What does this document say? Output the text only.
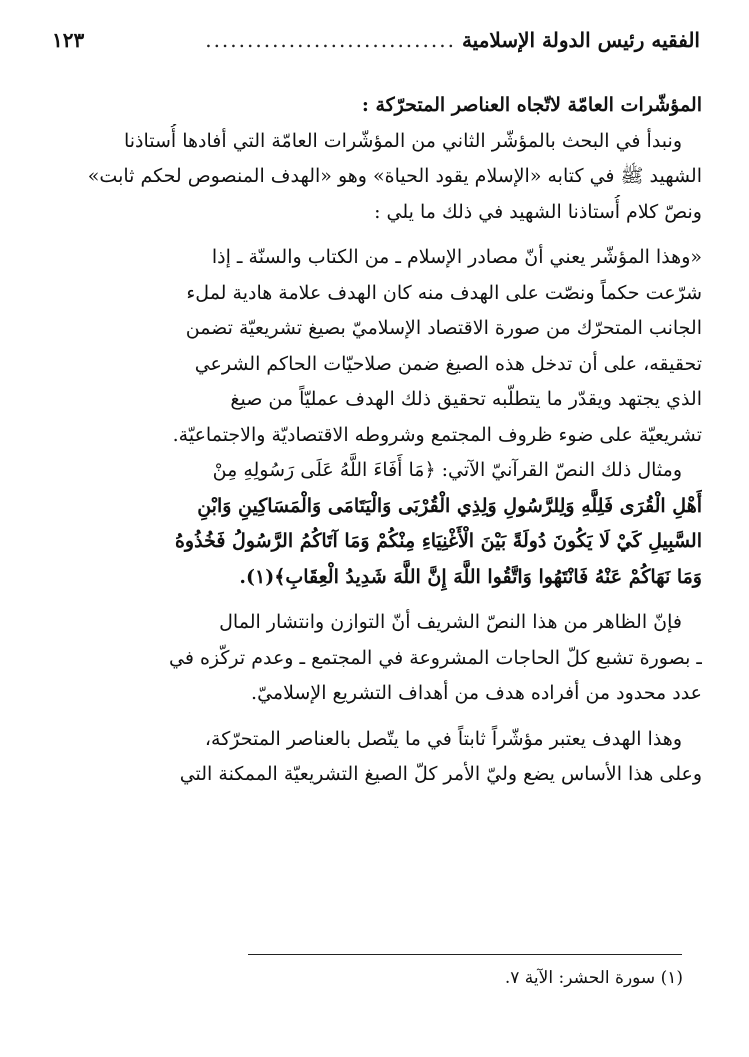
الفقيه رئيس الدولة الإسلامية
..............................
١٢٣
المؤشّرات العامّة لاتّجاه العناصر المتحرّكة :
ونبدأ في البحث بالمؤشّر الثاني من المؤشّرات العامّة التي أفادها أُستاذنا
الشهيد ﷺ في كتابه «الإسلام يقود الحياة» وهو «الهدف المنصوص لحكم ثابت»
ونصّ كلام أُستاذنا الشهيد في ذلك ما يلي :
«وهذا المؤشّر يعني أنّ مصادر الإسلام ـ من الكتاب والسنّة ـ إذا
شرّعت حكماً ونصّت على الهدف منه كان الهدف علامة هادية لملء
الجانب المتحرّك من صورة الاقتصاد الإسلاميّ بصيغ تشريعيّة تضمن
تحقيقه، على أن تدخل هذه الصيغ ضمن صلاحيّات الحاكم الشرعي
الذي يجتهد ويقدّر ما يتطلّبه تحقيق ذلك الهدف عمليّاً من صيغ
تشريعيّة على ضوء ظروف المجتمع وشروطه الاقتصاديّة والاجتماعيّة.
ومثال ذلك النصّ القرآنيّ الآتي: ﴿مَا أَفَاءَ اللَّهُ عَلَى رَسُولِهِ مِنْ
أَهْلِ الْقُرَى فَلِلَّهِ وَلِلرَّسُولِ وَلِذِي الْقُرْبَى وَالْيَتَامَى وَالْمَسَاكِينِ وَابْنِ
السَّبِيلِ كَيْ لَا يَكُونَ دُولَةً بَيْنَ الْأَغْنِيَاءِ مِنْكُمْ وَمَا آتَاكُمُ الرَّسُولُ فَخُذُوهُ
وَمَا نَهَاكُمْ عَنْهُ فَانْتَهُوا وَاتَّقُوا اللَّهَ إِنَّ اللَّهَ شَدِيدُ الْعِقَابِ﴾(١).
فإنّ الظاهر من هذا النصّ الشريف أنّ التوازن وانتشار المال
ـ بصورة تشبع كلّ الحاجات المشروعة في المجتمع ـ وعدم تركّزه في
عدد محدود من أفراده هدف من أهداف التشريع الإسلاميّ.
وهذا الهدف يعتبر مؤشّراً ثابتاً في ما يتّصل بالعناصر المتحرّكة،
وعلى هذا الأساس يضع وليّ الأمر كلّ الصيغ التشريعيّة الممكنة التي
(١) سورة الحشر: الآية ٧.
